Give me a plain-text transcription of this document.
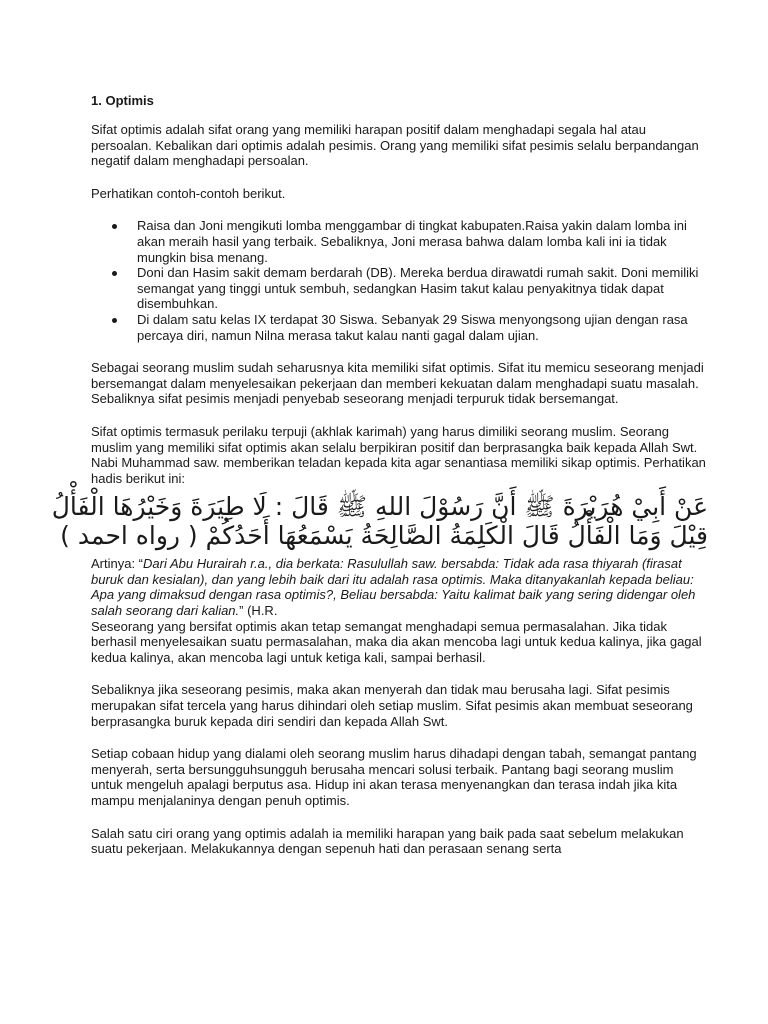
1. Optimis

Sifat optimis adalah sifat orang yang memiliki harapan positif dalam menghadapi segala hal atau persoalan. Kebalikan dari optimis adalah pesimis. Orang yang memiliki sifat pesimis selalu berpandangan negatif dalam menghadapi persoalan.

Perhatikan contoh-contoh berikut.

Raisa dan Joni mengikuti lomba menggambar di tingkat kabupaten.Raisa yakin dalam lomba ini akan meraih hasil yang terbaik. Sebaliknya, Joni merasa bahwa dalam lomba kali ini ia tidak mungkin bisa menang.
Doni dan Hasim sakit demam berdarah (DB). Mereka berdua dirawatdi rumah sakit. Doni memiliki semangat yang tinggi untuk sembuh, sedangkan Hasim takut kalau penyakitnya tidak dapat disembuhkan.
Di dalam satu kelas IX terdapat 30 Siswa. Sebanyak 29 Siswa menyongsong ujian dengan rasa percaya diri, namun Nilna merasa takut kalau nanti gagal dalam ujian.

Sebagai seorang muslim sudah seharusnya kita memiliki sifat optimis. Sifat itu memicu seseorang menjadi bersemangat dalam menyelesaikan pekerjaan dan memberi kekuatan dalam menghadapi suatu masalah. Sebaliknya sifat pesimis menjadi penyebab seseorang menjadi terpuruk tidak bersemangat.

Sifat optimis termasuk perilaku terpuji (akhlak karimah) yang harus dimiliki seorang muslim. Seorang muslim yang memiliki sifat optimis akan selalu berpikiran positif dan berprasangka baik kepada Allah Swt. Nabi Muhammad saw. memberikan teladan kepada kita agar senantiasa memiliki sikap optimis. Perhatikan hadis berikut ini:

عَنْ أَبِيْ هُرَيْرَةَ ﷺ أَنَّ رَسُوْلَ اللهِ ﷺ قَالَ : لَا طِيَرَةَ وَخَيْرُهَا الْفَأْلُ
قِيْلَ وَمَا الْفَأْلُ قَالَ الْكَلِمَةُ الصَّالِحَةُ يَسْمَعُهَا أَحَدُكُمْ ( رواه احمد )

Artinya: “Dari Abu Hurairah r.a., dia berkata: Rasulullah saw. bersabda: Tidak ada rasa thiyarah (firasat buruk dan kesialan), dan yang lebih baik dari itu adalah rasa optimis. Maka ditanyakanlah kepada beliau: Apa yang dimaksud dengan rasa optimis?, Beliau bersabda: Yaitu kalimat baik yang sering didengar oleh salah seorang dari kalian.” (H.R.

Seseorang yang bersifat optimis akan tetap semangat menghadapi semua permasalahan. Jika tidak berhasil menyelesaikan suatu permasalahan, maka dia akan mencoba lagi untuk kedua kalinya, jika gagal kedua kalinya, akan mencoba lagi untuk ketiga kali, sampai berhasil.

Sebaliknya jika seseorang pesimis, maka akan menyerah dan tidak mau berusaha lagi. Sifat pesimis merupakan sifat tercela yang harus dihindari oleh setiap muslim. Sifat pesimis akan membuat seseorang berprasangka buruk kepada diri sendiri dan kepada Allah Swt.

Setiap cobaan hidup yang dialami oleh seorang muslim harus dihadapi dengan tabah, semangat pantang menyerah, serta bersungguhsungguh berusaha mencari solusi terbaik. Pantang bagi seorang muslim untuk mengeluh apalagi berputus asa. Hidup ini akan terasa menyenangkan dan terasa indah jika kita mampu menjalaninya dengan penuh optimis.

Salah satu ciri orang yang optimis adalah ia memiliki harapan yang baik pada saat sebelum melakukan suatu pekerjaan. Melakukannya dengan sepenuh hati dan perasaan senang serta
